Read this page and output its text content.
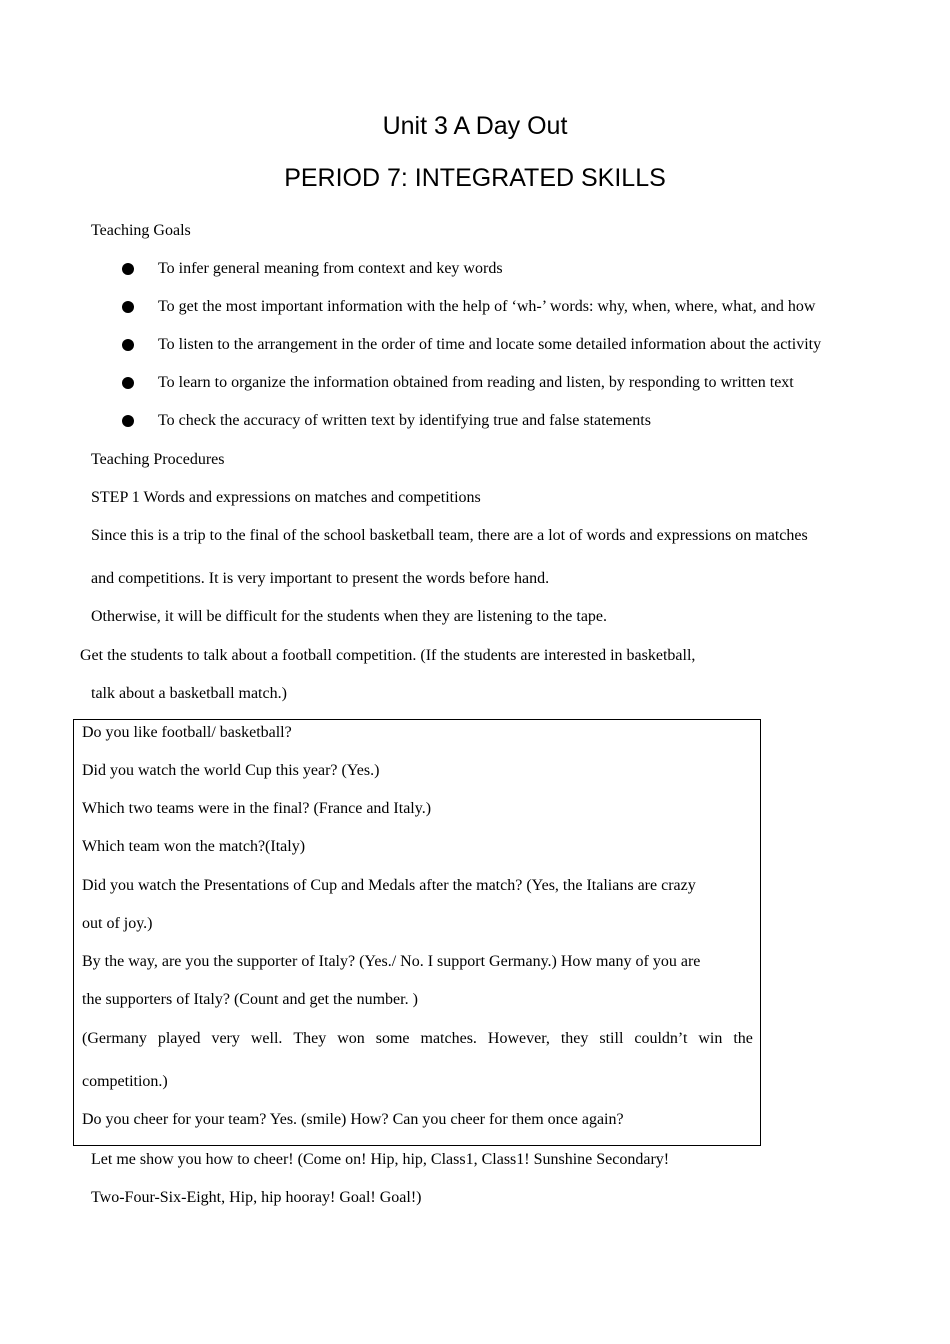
Unit 3 A Day Out
PERIOD 7: INTEGRATED SKILLS
Teaching Goals
To infer general meaning from context and key words
To get the most important information with the help of ‘wh-’ words: why, when, where, what, and how
To listen to the arrangement in the order of time and locate some detailed information about the activity
To learn to organize the information obtained from reading and listen, by responding to written text
To check the accuracy of written text by identifying true and false statements
Teaching Procedures
STEP 1 Words and expressions on matches and competitions
Since this is a trip to the final of the school basketball team, there are a lot of words and expressions on matches
and competitions. It is very important to present the words before hand.
Otherwise, it will be difficult for the students when they are listening to the tape.
Get the students to talk about a football competition. (If the students are interested in basketball,
talk about a basketball match.)
Do you like football/ basketball?
Did you watch the world Cup this year? (Yes.)
Which two teams were in the final? (France and Italy.)
Which team won the match?(Italy)
Did you watch the Presentations of Cup and Medals after the match? (Yes, the Italians are crazy
out of joy.)
By the way, are you the supporter of Italy? (Yes./ No. I support Germany.) How many of you are
the supporters of Italy? (Count and get the number. )
(Germany played very well. They won some matches. However, they still couldn’t win the
competition.)
Do you cheer for your team? Yes. (smile) How? Can you cheer for them once again?
Let me show you how to cheer! (Come on! Hip, hip, Class1, Class1! Sunshine Secondary!
Two-Four-Six-Eight, Hip, hip hooray! Goal! Goal!)
